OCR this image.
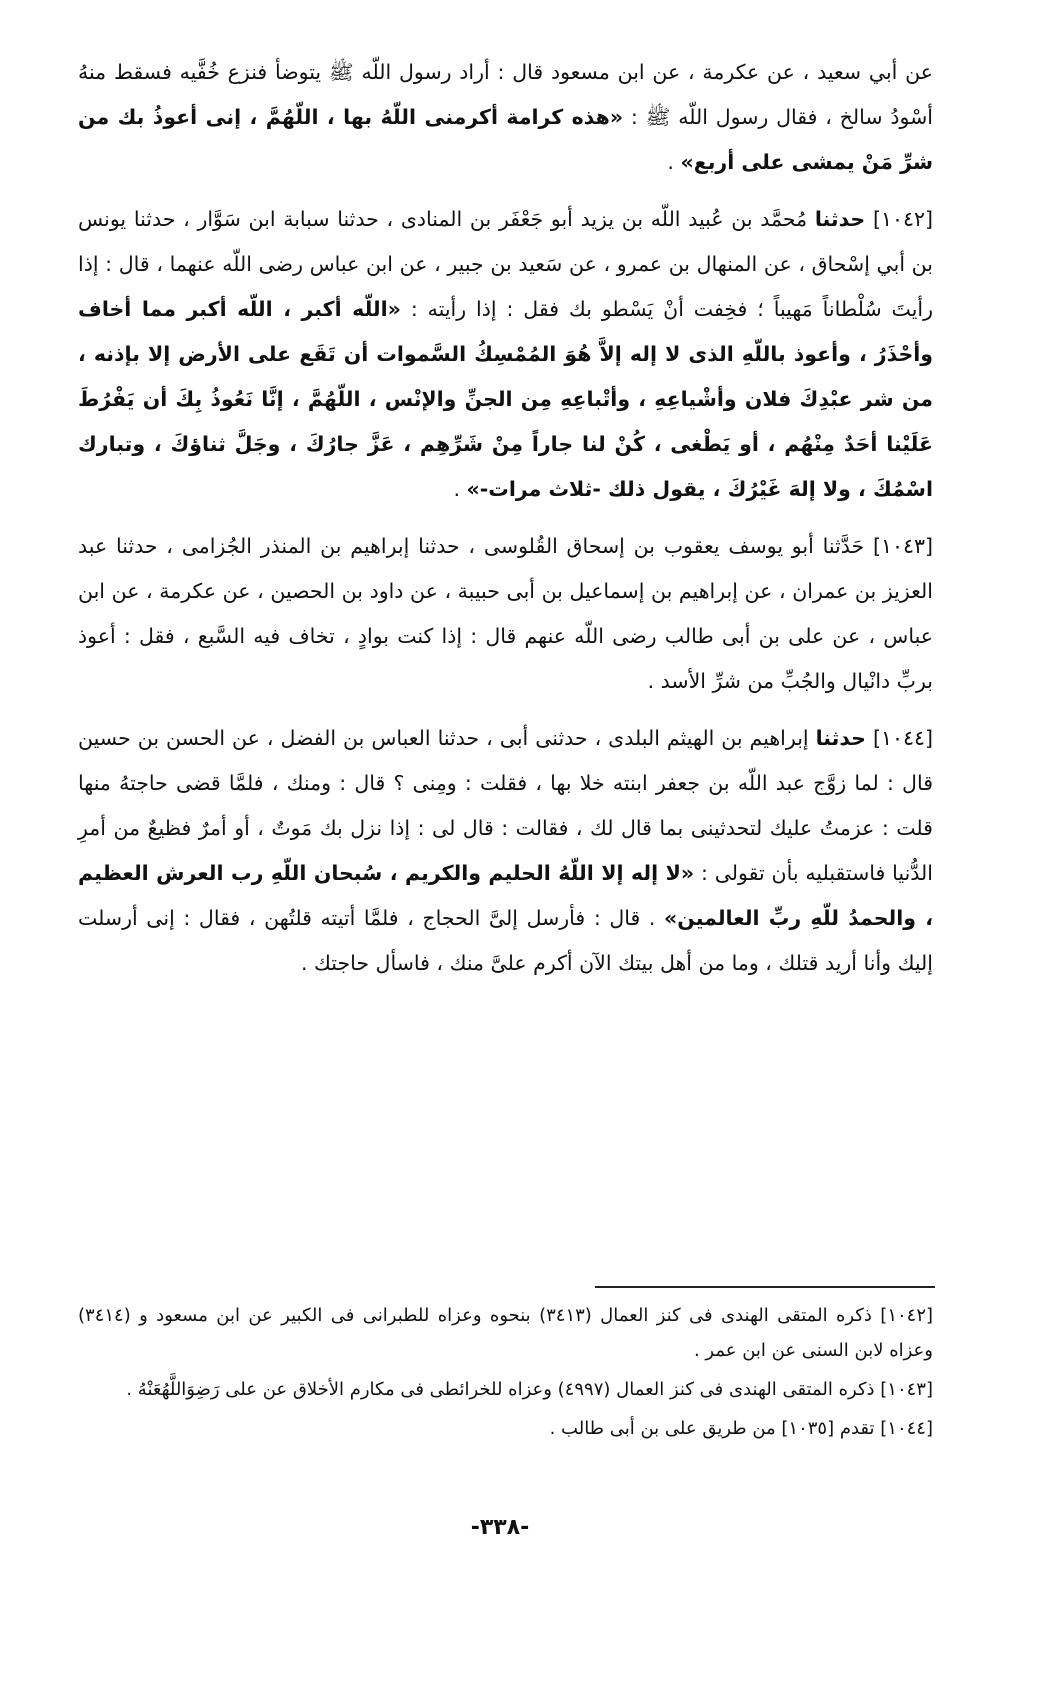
عن أبي سعيد ، عن عكرمة ، عن ابن مسعود قال : أراد رسول اللّه ﷺ يتوضأ فنزع خُفَّيه فسقط منهُ أسْودُ سالخ ، فقال رسول اللّه ﷺ : «هذه كرامة أكرمنى اللّهُ بها ، اللّهُمَّ ، إنى أعوذُ بك من شرِّ مَنْ يمشى على أربع» .

[١٠٤٢] حدثنا مُحمَّد بن عُبيد اللّه بن يزيد أبو جَعْفَر بن المنادى ، حدثنا سبابة ابن سَوَّار ، حدثنا يونس بن أبي إسْحاق ، عن المنهال بن عمرو ، عن سَعيد بن جبير ، عن ابن عباس رضى اللّه عنهما ، قال : إذا رأيتَ سُلْطاناً مَهيباً ؛ فخِفت أنْ يَسْطو بك فقل : إذا رأيته : «اللّه أكبر ، اللّه أكبر مما أخاف وأحْذَرُ ، وأعوذ باللّهِ الذى لا إله إلاَّ هُوَ المُمْسِكُ السَّموات أن تَقَع على الأرض إلا بإذنه ، من شر عبْدِكَ فلان وأشْياعِهِ ، وأتْباعِهِ مِن الجنِّ والإنْس ، اللّهُمَّ ، إنَّا نَعُوذُ بِكَ أن يَفْرُطَ عَلَيْنا أحَدٌ مِنْهُم ، أو يَطْغى ، كُنْ لنا جاراً مِنْ شَرِّهِم ، عَزَّ جارُكَ ، وجَلَّ ثناؤكَ ، وتبارك اسْمُكَ ، ولا إلهَ غَيْرُكَ ، يقول ذلك -ثلاث مرات-» .

[١٠٤٣] حَدَّثنا أبو يوسف يعقوب بن إسحاق القُلوسى ، حدثنا إبراهيم بن المنذر الجُزامى ، حدثنا عبد العزيز بن عمران ، عن إبراهيم بن إسماعيل بن أبى حبيبة ، عن داود بن الحصين ، عن عكرمة ، عن ابن عباس ، عن على بن أبى طالب رضى اللّه عنهم قال : إذا كنت بوادٍ ، تخاف فيه السَّبع ، فقل : أعوذ بربِّ دانْيال والجُبِّ من شرِّ الأسد .

[١٠٤٤] حدثنا إبراهيم بن الهيثم البلدى ، حدثنى أبى ، حدثنا العباس بن الفضل ، عن الحسن بن حسين قال : لما زوَّج عبد اللّه بن جعفر ابنته خلا بها ، فقلت : ومِنى ؟ قال : ومنك ، فلمَّا قضى حاجتهُ منها قلت : عزمتُ عليك لتحدثينى بما قال لك ، فقالت : قال لى : إذا نزل بك مَوتٌ ، أو أمرٌ فظيعٌ من أمرِ الدُّنيا فاستقبليه بأن تقولى : «لا إله إلا اللّهُ الحليم والكريم ، سُبحان اللّهِ رب العرش العظيم ، والحمدُ للّهِ ربِّ العالمين» . قال : فأرسل إلىَّ الحجاج ، فلمَّا أتيته قلتُهن ، فقال : إنى أرسلت إليك وأنا أريد قتلك ، وما من أهل بيتك الآن أكرم علىَّ منك ، فاسأل حاجتك .

[١٠٤٢] ذكره المتقى الهندى فى كنز العمال (٣٤١٣) بنحوه وعزاه للطبرانى فى الكبير عن ابن مسعود و (٣٤١٤) وعزاه لابن السنى عن ابن عمر .

[١٠٤٣] ذكره المتقى الهندى فى كنز العمال (٤٩٩٧) وعزاه للخرائطى فى مكارم الأخلاق عن على رَضِوَاللَّهُعَنْهُ .

[١٠٤٤] تقدم [١٠٣٥] من طريق على بن أبى طالب .

-٣٣٨-
